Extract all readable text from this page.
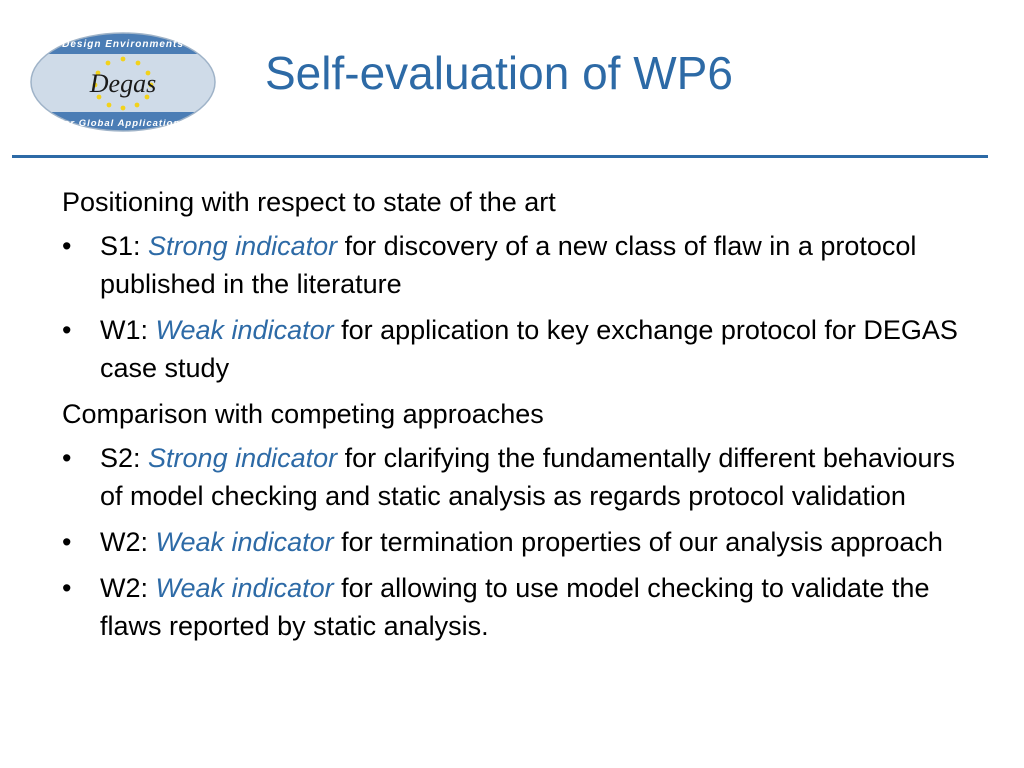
Design Environments
Degas
for Global Applications
Self-evaluation of WP6
Positioning with respect to state of the art
• S1: Strong indicator for discovery of a new class of flaw in a protocol published in the literature
• W1: Weak indicator for application to key exchange protocol for DEGAS case study
Comparison with competing approaches
• S2: Strong indicator for clarifying the fundamentally different behaviours of model checking and static analysis as regards protocol validation
• W2: Weak indicator for termination properties of our analysis approach
• W2: Weak indicator for allowing to use model checking to validate the flaws reported by static analysis.
